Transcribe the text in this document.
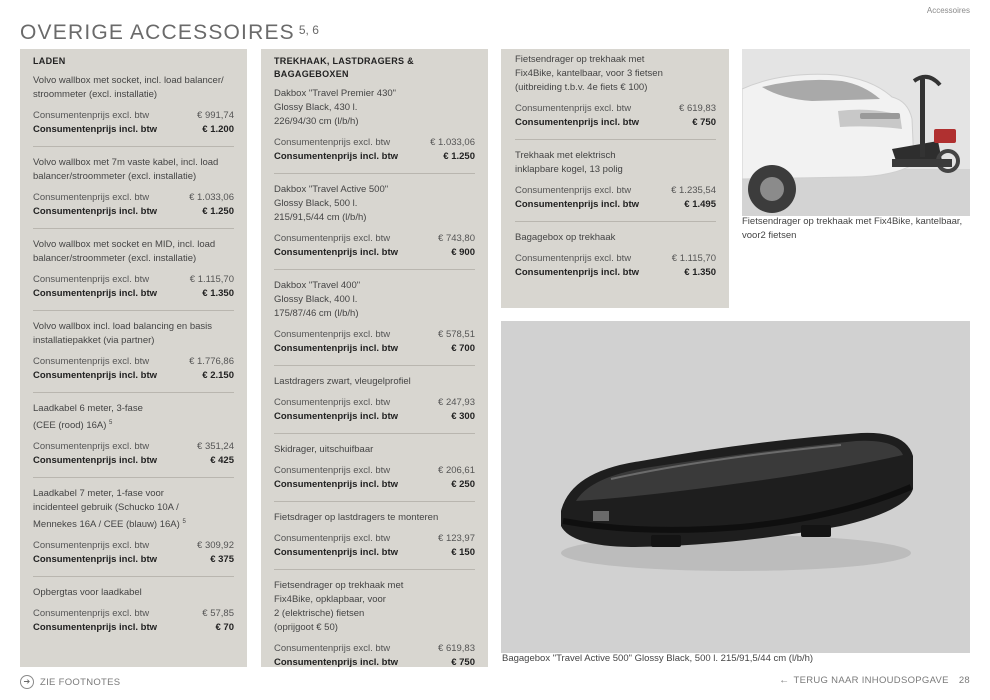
Accessoires
OVERIGE ACCESSOIRES $^{5, 6}$
LADEN
Volvo wallbox met socket, incl. load balancer/
stroommeter (excl. installatie)
Consumentenprijs excl. btw	€ 991,74
Consumentenprijs incl. btw	€ 1.200
Volvo wallbox met 7m vaste kabel, incl. load
balancer/stroommeter (excl. installatie)
Consumentenprijs excl. btw	€ 1.033,06
Consumentenprijs incl. btw	€ 1.250
Volvo wallbox met socket en MID, incl. load
balancer/stroommeter (excl. installatie)
Consumentenprijs excl. btw	€ 1.115,70
Consumentenprijs incl. btw	€ 1.350
Volvo wallbox incl. load balancing en basis
installatiepakket (via partner)
Consumentenprijs excl. btw	€ 1.776,86
Consumentenprijs incl. btw	€ 2.150
Laadkabel 6 meter, 3-fase
(CEE (rood) 16A) $^5$
Consumentenprijs excl. btw	€ 351,24
Consumentenprijs incl. btw	€ 425
Laadkabel 7 meter, 1-fase voor
incidenteel gebruik (Schucko 10A /
Mennekes 16A / CEE (blauw) 16A) $^5$
Consumentenprijs excl. btw	€ 309,92
Consumentenprijs incl. btw	€ 375
Opbergtas voor laadkabel
Consumentenprijs excl. btw	€ 57,85
Consumentenprijs incl. btw	€ 70
TREKHAAK, LASTDRAGERS &
BAGAGEBOXEN
Dakbox "Travel Premier 430"
Glossy Black, 430 l.
226/94/30 cm (l/b/h)
Consumentenprijs excl. btw	€ 1.033,06
Consumentenprijs incl. btw	€ 1.250
Dakbox "Travel Active 500"
Glossy Black, 500 l.
215/91,5/44 cm (l/b/h)
Consumentenprijs excl. btw	€ 743,80
Consumentenprijs incl. btw	€ 900
Dakbox "Travel 400"
Glossy Black, 400 l.
175/87/46 cm (l/b/h)
Consumentenprijs excl. btw	€ 578,51
Consumentenprijs incl. btw	€ 700
Lastdragers zwart, vleugelprofiel
Consumentenprijs excl. btw	€ 247,93
Consumentenprijs incl. btw	€ 300
Skidrager, uitschuifbaar
Consumentenprijs excl. btw	€ 206,61
Consumentenprijs incl. btw	€ 250
Fietsdrager op lastdragers te monteren
Consumentenprijs excl. btw	€ 123,97
Consumentenprijs incl. btw	€ 150
Fietsendrager op trekhaak met
Fix4Bike, opklapbaar, voor
2 (elektrische) fietsen
(oprijgoot € 50)
Consumentenprijs excl. btw	€ 619,83
Consumentenprijs incl. btw	€ 750
Fietsendrager op trekhaak met
Fix4Bike, kantelbaar, voor 3 fietsen
(uitbreiding t.b.v. 4e fiets € 100)
Consumentenprijs excl. btw	€ 619,83
Consumentenprijs incl. btw	€ 750
Trekhaak met elektrisch
inklapbare kogel, 13 polig
Consumentenprijs excl. btw	€ 1.235,54
Consumentenprijs incl. btw	€ 1.495
Bagagebox op trekhaak
Consumentenprijs excl. btw	€ 1.115,70
Consumentenprijs incl. btw	€ 1.350
Fietsendrager op trekhaak met Fix4Bike, kantelbaar, voor2 fietsen
Bagagebox "Travel Active 500" Glossy Black, 500 l. 215/91,5/44 cm (l/b/h)
➔	ZIE FOOTNOTES	← TERUG NAAR INHOUDSOPGAVE 28
